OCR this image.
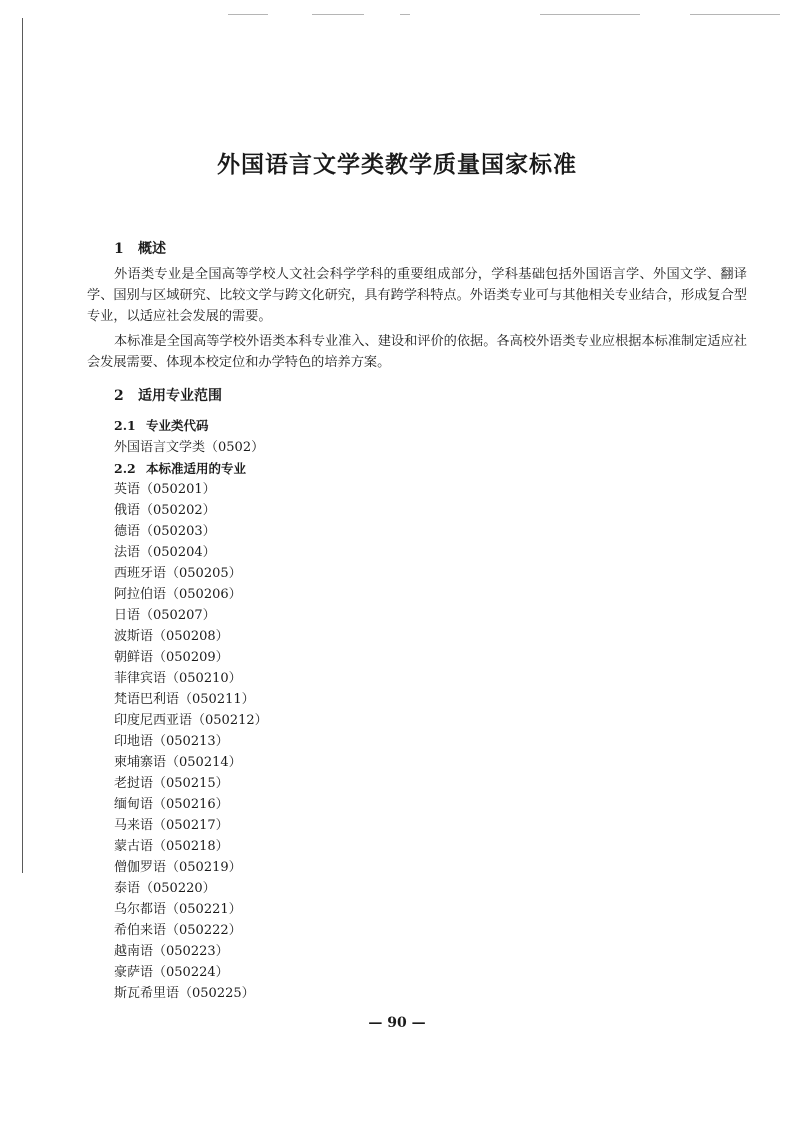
外国语言文学类教学质量国家标准
1 概述

外语类专业是全国高等学校人文社会科学学科的重要组成部分，学科基础包括外国语言学、外国文学、翻译学、国别与区域研究、比较文学与跨文化研究，具有跨学科特点。外语类专业可与其他相关专业结合，形成复合型专业，以适应社会发展的需要。

本标准是全国高等学校外语类本科专业准入、建设和评价的依据。各高校外语类专业应根据本标准制定适应社会发展需要、体现本校定位和办学特色的培养方案。

2 适用专业范围
2.1 专业类代码

外国语言文学类（0502）

2.2 本标准适用的专业
英语（050201）
俄语（050202）
德语（050203）
法语（050204）
西班牙语（050205）
阿拉伯语（050206）
日语（050207）
波斯语（050208）
朝鲜语（050209）
菲律宾语（050210）
梵语巴利语（050211）
印度尼西亚语（050212）
印地语（050213）
柬埔寨语（050214）
老挝语（050215）
缅甸语（050216）
马来语（050217）
蒙古语（050218）
僧伽罗语（050219）
泰语（050220）
乌尔都语（050221）
希伯来语（050222）
越南语（050223）
豪萨语（050224）
斯瓦希里语（050225）

— 90 —
